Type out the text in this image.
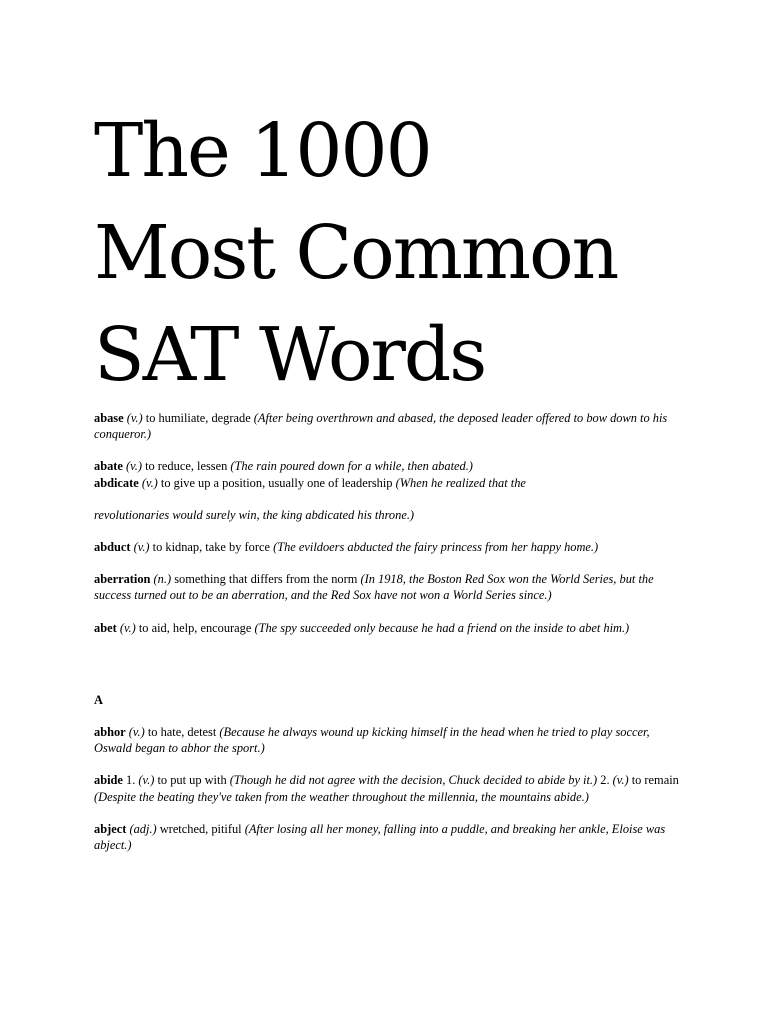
The 1000
Most Common
SAT Words

abase (v.) to humiliate, degrade (After being overthrown and abased, the deposed leader offered to bow down to his conqueror.)

abate (v.) to reduce, lessen (The rain poured down for a while, then abated.)

abdicate (v.) to give up a position, usually one of leadership (When he realized that the

revolutionaries would surely win, the king abdicated his throne.)

abduct (v.) to kidnap, take by force (The evildoers abducted the fairy princess from her happy home.)

aberration (n.) something that differs from the norm (In 1918, the Boston Red Sox won the World Series, but the success turned out to be an aberration, and the Red Sox have not won a World Series since.)

abet (v.) to aid, help, encourage (The spy succeeded only because he had a friend on the inside to abet him.)

A

abhor (v.) to hate, detest (Because he always wound up kicking himself in the head when he tried to play soccer, Oswald began to abhor the sport.)

abide 1. (v.) to put up with (Though he did not agree with the decision, Chuck decided to abide by it.) 2. (v.) to remain (Despite the beating they've taken from the weather throughout the millennia, the mountains abide.)

abject (adj.) wretched, pitiful (After losing all her money, falling into a puddle, and breaking her ankle, Eloise was abject.)
